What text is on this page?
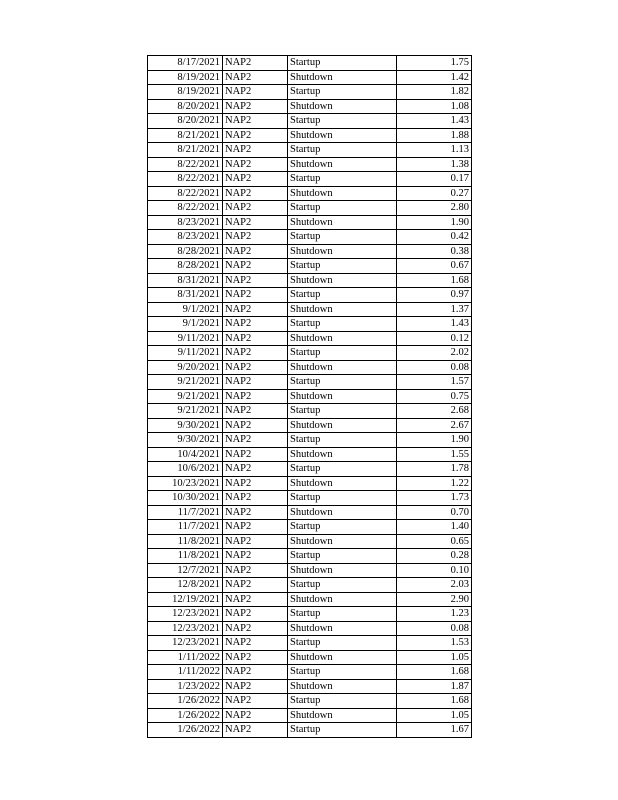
8/17/2021	NAP2	Startup	1.75
8/19/2021	NAP2	Shutdown	1.42
8/19/2021	NAP2	Startup	1.82
8/20/2021	NAP2	Shutdown	1.08
8/20/2021	NAP2	Startup	1.43
8/21/2021	NAP2	Shutdown	1.88
8/21/2021	NAP2	Startup	1.13
8/22/2021	NAP2	Shutdown	1.38
8/22/2021	NAP2	Startup	0.17
8/22/2021	NAP2	Shutdown	0.27
8/22/2021	NAP2	Startup	2.80
8/23/2021	NAP2	Shutdown	1.90
8/23/2021	NAP2	Startup	0.42
8/28/2021	NAP2	Shutdown	0.38
8/28/2021	NAP2	Startup	0.67
8/31/2021	NAP2	Shutdown	1.68
8/31/2021	NAP2	Startup	0.97
9/1/2021	NAP2	Shutdown	1.37
9/1/2021	NAP2	Startup	1.43
9/11/2021	NAP2	Shutdown	0.12
9/11/2021	NAP2	Startup	2.02
9/20/2021	NAP2	Shutdown	0.08
9/21/2021	NAP2	Startup	1.57
9/21/2021	NAP2	Shutdown	0.75
9/21/2021	NAP2	Startup	2.68
9/30/2021	NAP2	Shutdown	2.67
9/30/2021	NAP2	Startup	1.90
10/4/2021	NAP2	Shutdown	1.55
10/6/2021	NAP2	Startup	1.78
10/23/2021	NAP2	Shutdown	1.22
10/30/2021	NAP2	Startup	1.73
11/7/2021	NAP2	Shutdown	0.70
11/7/2021	NAP2	Startup	1.40
11/8/2021	NAP2	Shutdown	0.65
11/8/2021	NAP2	Startup	0.28
12/7/2021	NAP2	Shutdown	0.10
12/8/2021	NAP2	Startup	2.03
12/19/2021	NAP2	Shutdown	2.90
12/23/2021	NAP2	Startup	1.23
12/23/2021	NAP2	Shutdown	0.08
12/23/2021	NAP2	Startup	1.53
1/11/2022	NAP2	Shutdown	1.05
1/11/2022	NAP2	Startup	1.68
1/23/2022	NAP2	Shutdown	1.87
1/26/2022	NAP2	Startup	1.68
1/26/2022	NAP2	Shutdown	1.05
1/26/2022	NAP2	Startup	1.67
